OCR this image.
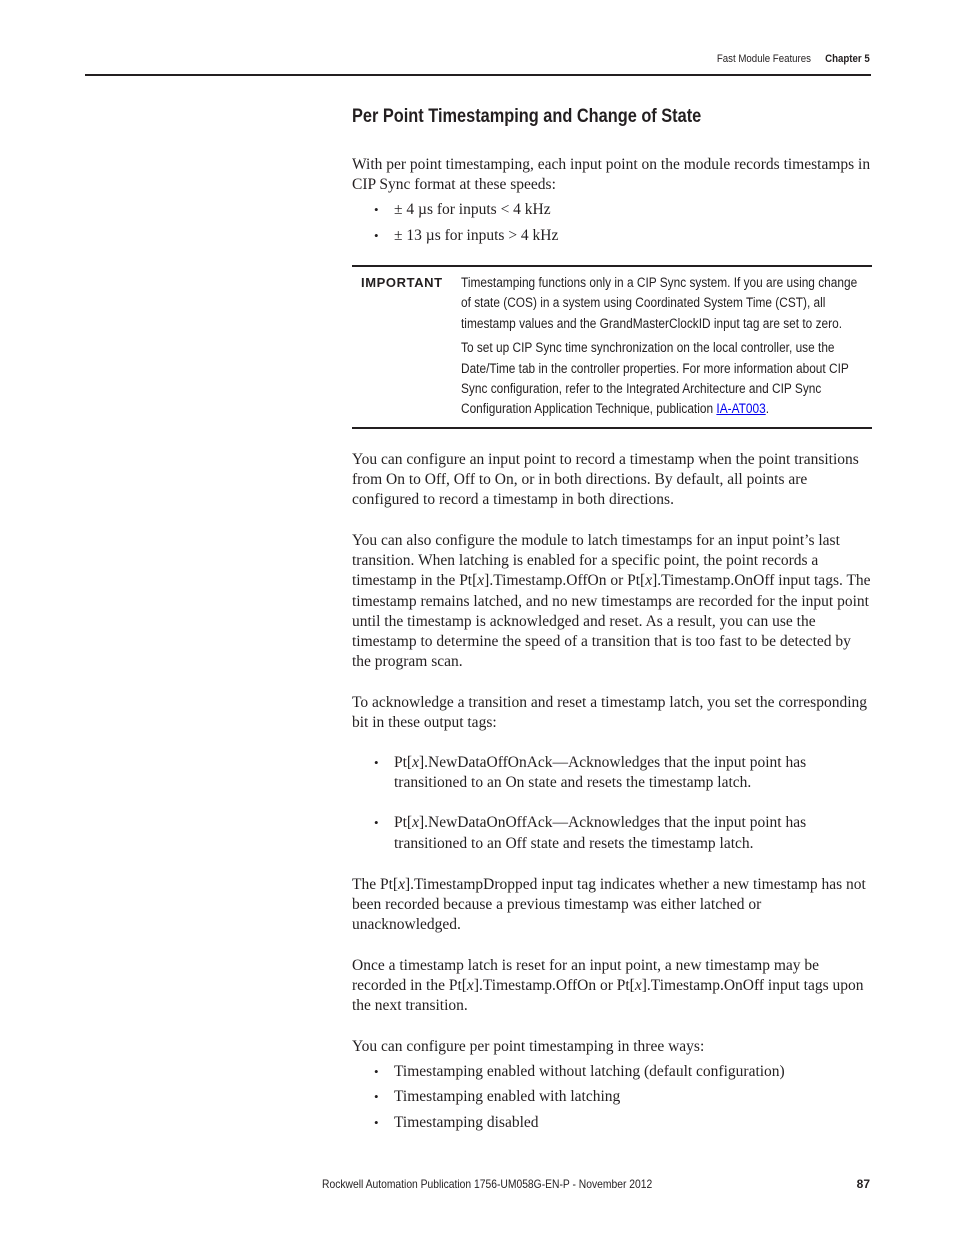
Fast Module Features Chapter 5
Per Point Timestamping and Change of State

With per point timestamping, each input point on the module records timestamps in CIP Sync format at these speeds:

• ± 4 µs for inputs < 4 kHz
• ± 13 µs for inputs > 4 kHz
IMPORTANT Timestamping functions only in a CIP Sync system. If you are using change of state (COS) in a system using Coordinated System Time (CST), all timestamp values and the GrandMasterClockID input tag are set to zero.

To set up CIP Sync time synchronization on the local controller, use the Date/Time tab in the controller properties. For more information about CIP Sync configuration, refer to the Integrated Architecture and CIP Sync Configuration Application Technique, publication IA-AT003.

You can configure an input point to record a timestamp when the point transitions from On to Off, Off to On, or in both directions. By default, all points are configured to record a timestamp in both directions.

You can also configure the module to latch timestamps for an input point’s last transition. When latching is enabled for a specific point, the point records a timestamp in the Pt[x].Timestamp.OffOn or Pt[x].Timestamp.OnOff input tags. The timestamp remains latched, and no new timestamps are recorded for the input point until the timestamp is acknowledged and reset. As a result, you can use the timestamp to determine the speed of a transition that is too fast to be detected by the program scan.

To acknowledge a transition and reset a timestamp latch, you set the corresponding bit in these output tags:

• Pt[x].NewDataOffOnAck—Acknowledges that the input point has transitioned to an On state and resets the timestamp latch.
• Pt[x].NewDataOnOffAck—Acknowledges that the input point has transitioned to an Off state and resets the timestamp latch.

The Pt[x].TimestampDropped input tag indicates whether a new timestamp has not been recorded because a previous timestamp was either latched or unacknowledged.

Once a timestamp latch is reset for an input point, a new timestamp may be recorded in the Pt[x].Timestamp.OffOn or Pt[x].Timestamp.OnOff input tags upon the next transition.

You can configure per point timestamping in three ways:

• Timestamping enabled without latching (default configuration)
• Timestamping enabled with latching
• Timestamping disabled
Rockwell Automation Publication 1756-UM058G-EN-P - November 2012	87
